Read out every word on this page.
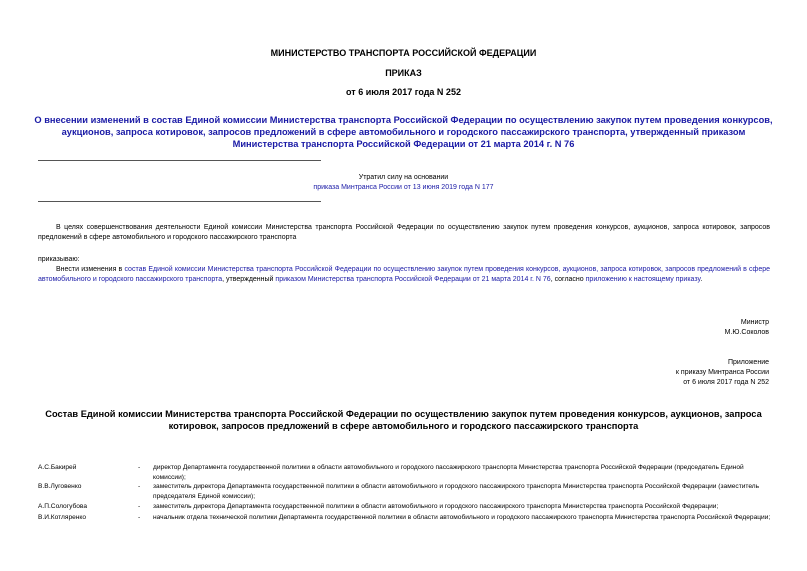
МИНИСТЕРСТВО ТРАНСПОРТА РОССИЙСКОЙ ФЕДЕРАЦИИ
ПРИКАЗ
от 6 июля 2017 года N 252
О внесении изменений в состав Единой комиссии Министерства транспорта Российской Федерации по осуществлению закупок путем проведения конкурсов, аукционов, запроса котировок, запросов предложений в сфере автомобильного и городского пассажирского транспорта, утвержденный приказом Министерства транспорта Российской Федерации от 21 марта 2014 г. N 76
Утратил силу на основании
приказа Минтранса России от 13 июня 2019 года N 177
В целях совершенствования деятельности Единой комиссии Министерства транспорта Российской Федерации по осуществлению закупок путем проведения конкурсов, аукционов, запроса котировок, запросов предложений в сфере автомобильного и городского пассажирского транспорта
приказываю:
Внести изменения в состав Единой комиссии Министерства транспорта Российской Федерации по осуществлению закупок путем проведения конкурсов, аукционов, запроса котировок, запросов предложений в сфере автомобильного и городского пассажирского транспорта, утвержденный приказом Министерства транспорта Российской Федерации от 21 марта 2014 г. N 76, согласно приложению к настоящему приказу.
Министр
М.Ю.Соколов
Приложение
к приказу Минтранса России
от 6 июля 2017 года N 252
Состав Единой комиссии Министерства транспорта Российской Федерации по осуществлению закупок путем проведения конкурсов, аукционов, запроса котировок, запросов предложений в сфере автомобильного и городского пассажирского транспорта
А.С.Бакирей	-	директор Департамента государственной политики в области автомобильного и городского пассажирского транспорта Министерства транспорта Российской Федерации (председатель Единой комиссии);
В.В.Луговенко	-	заместитель директора Департамента государственной политики в области автомобильного и городского пассажирского транспорта Министерства транспорта Российской Федерации (заместитель председателя Единой комиссии);
А.П.Сологубова	-	заместитель директора Департамента государственной политики в области автомобильного и городского пассажирского транспорта Министерства транспорта Российской Федерации;
В.И.Котляренко	-	начальник отдела технической политики Департамента государственной политики в области автомобильного и городского пассажирского транспорта Министерства транспорта Российской Федерации;
